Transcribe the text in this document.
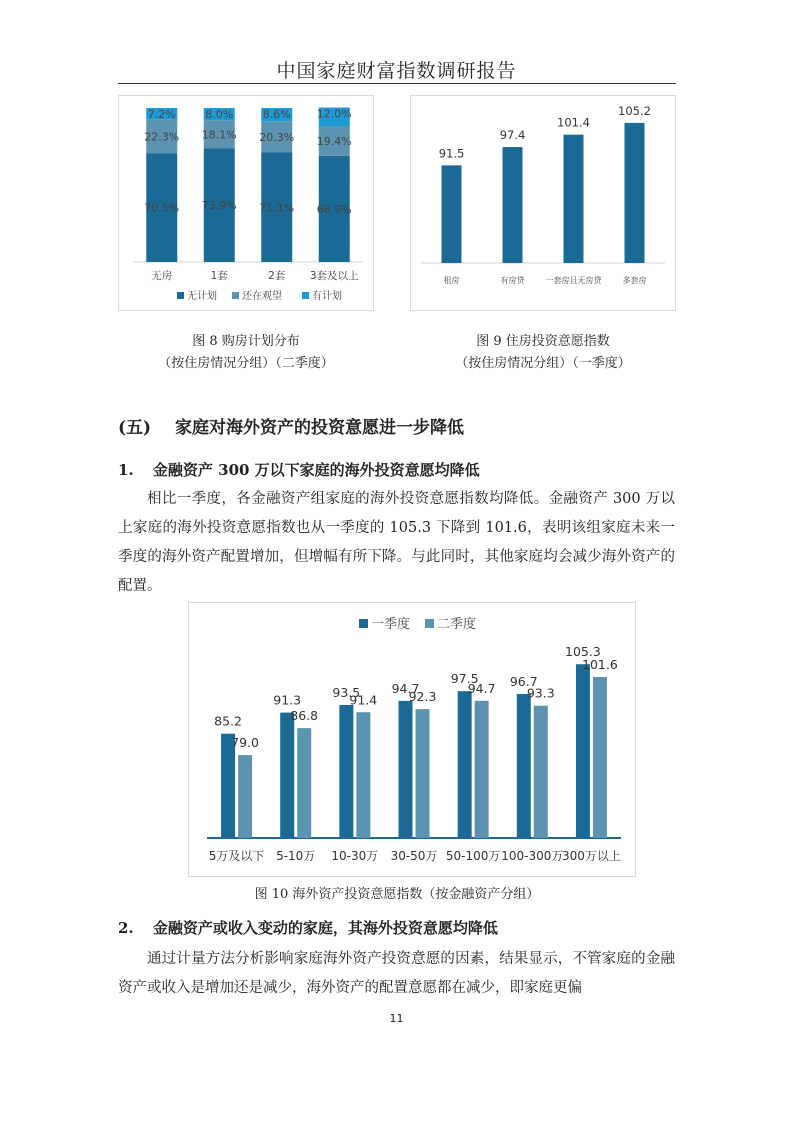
中国家庭财富指数调研报告
70.5%
22.3%
7.2%
无房
73.9%
18.1%
8.0%
1套
71.1%
20.3%
8.6%
2套
68.9%
19.4%
12.0%
3套及以上
无计划	还在观望	有计划
图 8 购房计划分布
（按住房情况分组）（二季度）
91.5
租房
97.4
有房贷
101.4
一套房且无房贷
105.2
多套房
图 9 住房投资意愿指数
（按住房情况分组）（一季度）
(五) 家庭对海外资产的投资意愿进一步降低
1. 金融资产 300 万以下家庭的海外投资意愿均降低
相比一季度，各金融资产组家庭的海外投资意愿指数均降低。金融资产 300 万以上家庭的海外投资意愿指数也从一季度的 105.3 下降到 101.6，表明该组家庭未来一季度的海外资产配置增加，但增幅有所下降。与此同时，其他家庭均会减少海外资产的配置。
85.2
79.0
5万及以下
91.3
86.8
5-10万
93.5
91.4
10-30万
94.7
92.3
30-50万
97.5
94.7
50-100万
96.7
93.3
100-300万
105.3
101.6
300万以上
一季度 二季度
图 10 海外资产投资意愿指数（按金融资产分组）
2. 金融资产或收入变动的家庭，其海外投资意愿均降低
通过计量方法分析影响家庭海外资产投资意愿的因素，结果显示，不管家庭的金融资产或收入是增加还是减少，海外资产的配置意愿都在减少，即家庭更偏
11
